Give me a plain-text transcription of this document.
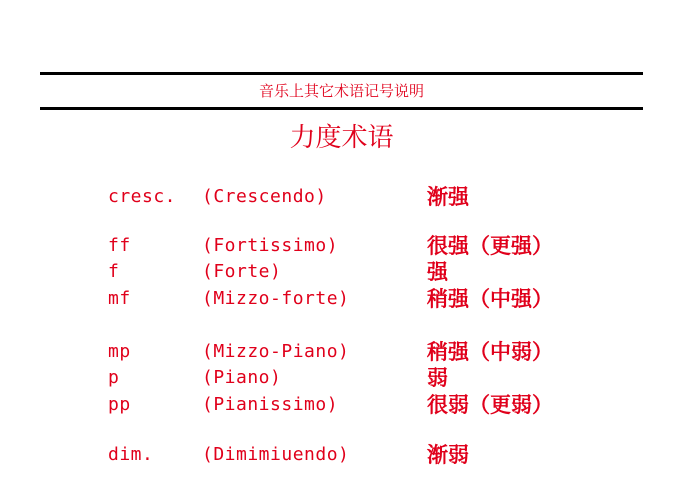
音乐上其它术语记号说明
力度术语
cresc. (Crescendo)	渐强
ff	(Fortissimo)	很强（更强）
f	(Forte)	强
mf	(Mizzo-forte)	稍强（中强）
mp	(Mizzo-Piano)	稍强（中弱）
p	(Piano)	弱
pp	(Pianissimo)	很弱（更弱）
dim.	(Dimimiuendo)	渐弱
